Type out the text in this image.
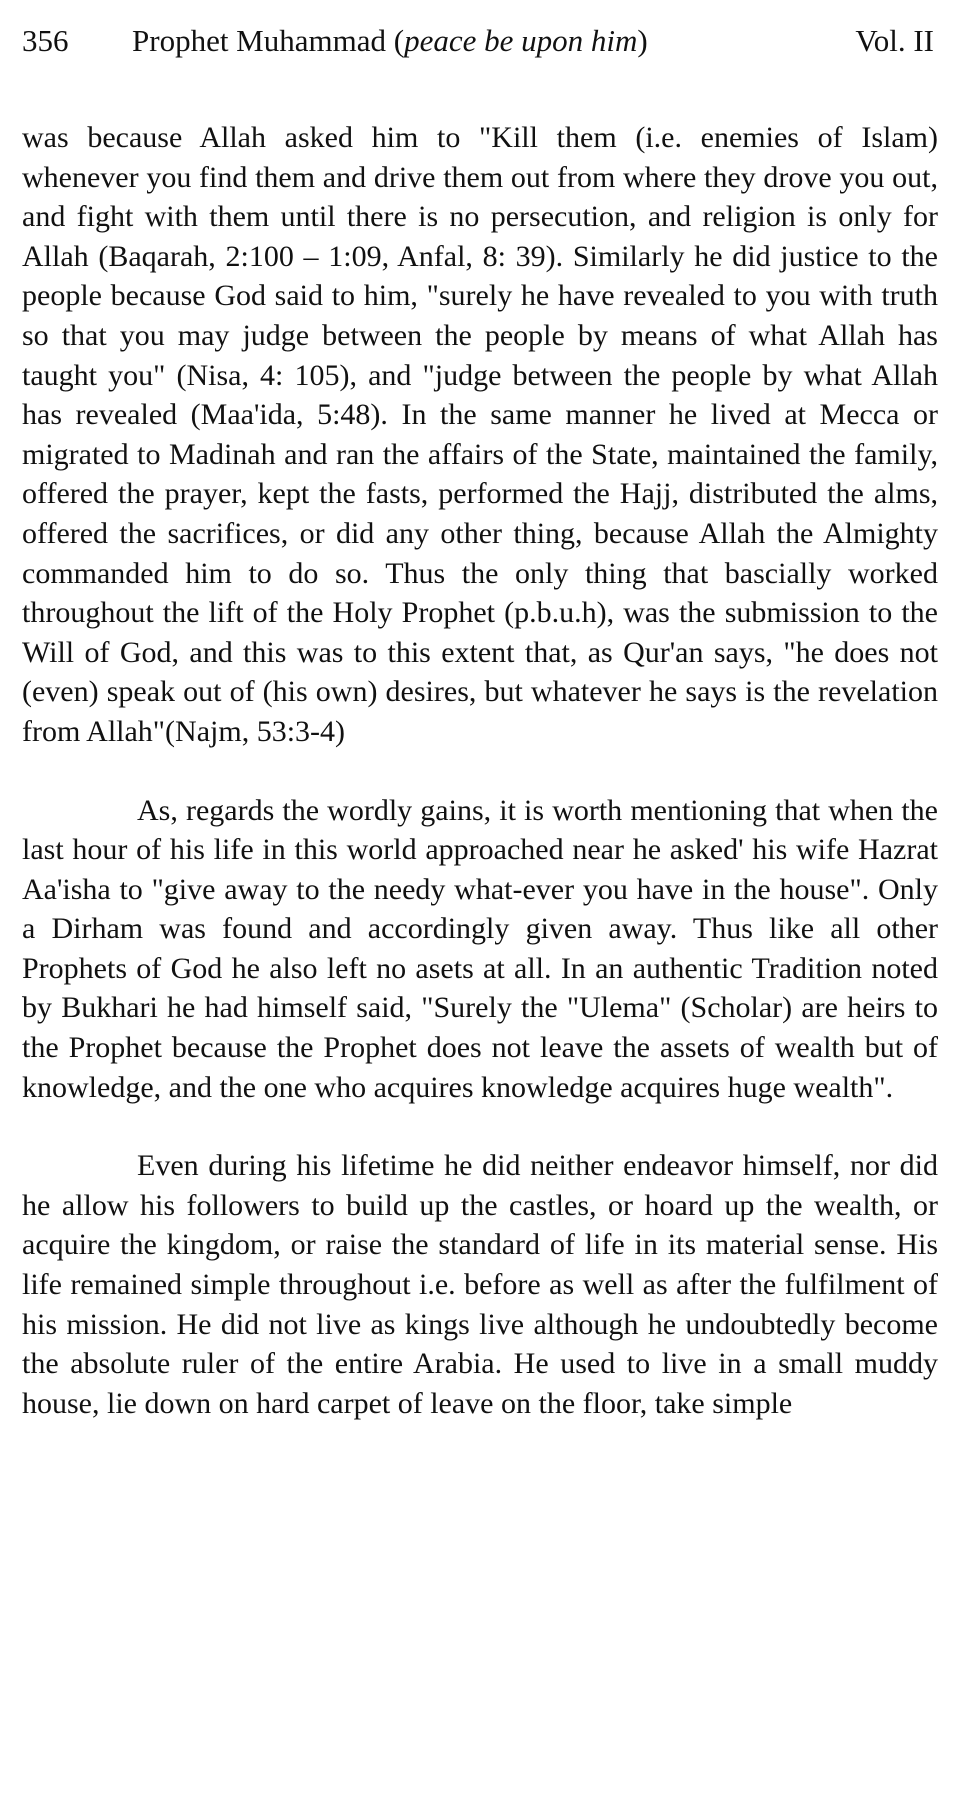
356	Prophet Muhammad (peace be upon him)	Vol. II

was because Allah asked him to "Kill them (i.e. enemies of Islam) whenever you find them and drive them out from where they drove you out, and fight with them until there is no persecution, and religion is only for Allah (Baqarah, 2:100 – 1:09, Anfal, 8: 39). Similarly he did justice to the people because God said to him, "surely he have revealed to you with truth so that you may judge between the people by means of what Allah has taught you" (Nisa, 4: 105), and "judge between the people by what Allah has revealed (Maa'ida, 5:48). In the same manner he lived at Mecca or migrated to Madinah and ran the affairs of the State, maintained the family, offered the prayer, kept the fasts, performed the Hajj, distributed the alms, offered the sacrifices, or did any other thing, because Allah the Almighty commanded him to do so. Thus the only thing that bascially worked throughout the lift of the Holy Prophet (p.b.u.h), was the submission to the Will of God, and this was to this extent that, as Qur'an says, "he does not (even) speak out of (his own) desires, but whatever he says is the revelation from Allah"(Najm, 53:3-4)

As, regards the wordly gains, it is worth mentioning that when the last hour of his life in this world approached near he asked' his wife Hazrat Aa'isha to "give away to the needy what-ever you have in the house". Only a Dirham was found and accordingly given away. Thus like all other Prophets of God he also left no asets at all. In an authentic Tradition noted by Bukhari he had himself said, "Surely the "Ulema" (Scholar) are heirs to the Prophet because the Prophet does not leave the assets of wealth but of knowledge, and the one who acquires knowledge acquires huge wealth".

Even during his lifetime he did neither endeavor himself, nor did he allow his followers to build up the castles, or hoard up the wealth, or acquire the kingdom, or raise the standard of life in its material sense. His life remained simple throughout i.e. before as well as after the fulfilment of his mission. He did not live as kings live although he undoubtedly become the absolute ruler of the entire Arabia. He used to live in a small muddy house, lie down on hard carpet of leave on the floor, take simple
